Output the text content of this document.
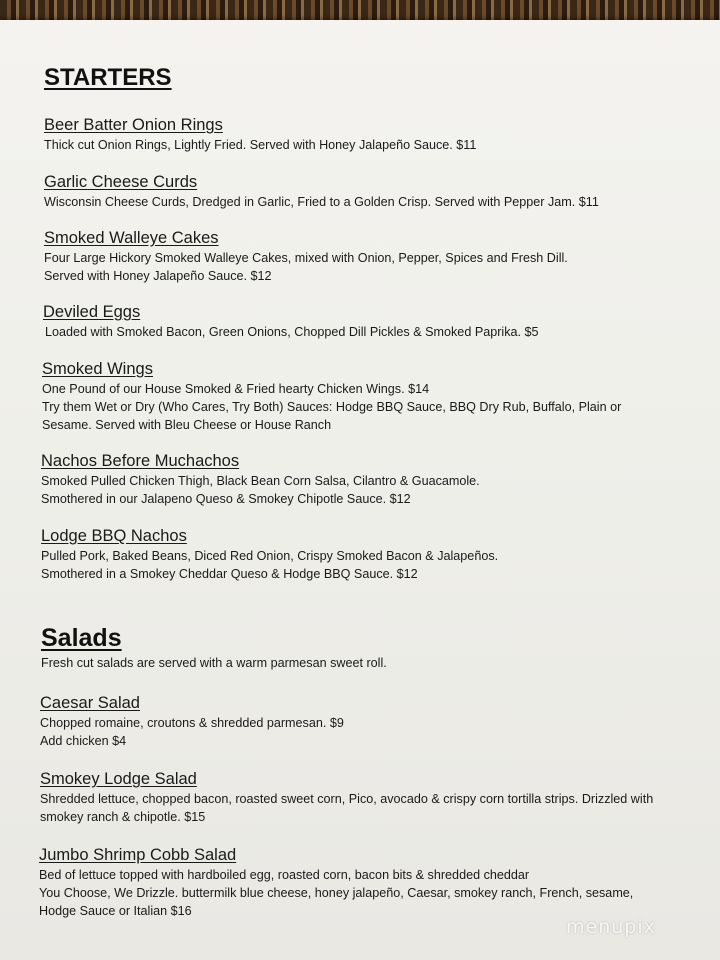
STARTERS
Beer Batter Onion Rings
Thick cut Onion Rings, Lightly Fried. Served with Honey Jalapeño Sauce. $11
Garlic Cheese Curds
Wisconsin Cheese Curds, Dredged in Garlic, Fried to a Golden Crisp. Served with Pepper Jam. $11
Smoked Walleye Cakes
Four Large Hickory Smoked Walleye Cakes, mixed with Onion, Pepper, Spices and Fresh Dill.
Served with Honey Jalapeño Sauce. $12
Deviled Eggs
Loaded with Smoked Bacon, Green Onions, Chopped Dill Pickles & Smoked Paprika. $5
Smoked Wings
One Pound of our House Smoked & Fried hearty Chicken Wings. $14
Try them Wet or Dry (Who Cares, Try Both) Sauces: Hodge BBQ Sauce, BBQ Dry Rub, Buffalo, Plain or
Sesame. Served with Bleu Cheese or House Ranch
Nachos Before Muchachos
Smoked Pulled Chicken Thigh, Black Bean Corn Salsa, Cilantro & Guacamole.
Smothered in our Jalapeno Queso & Smokey Chipotle Sauce. $12
Lodge BBQ Nachos
Pulled Pork, Baked Beans, Diced Red Onion, Crispy Smoked Bacon & Jalapeños.
Smothered in a Smokey Cheddar Queso & Hodge BBQ Sauce. $12
Salads
Fresh cut salads are served with a warm parmesan sweet roll.
Caesar Salad
Chopped romaine, croutons & shredded parmesan. $9
Add chicken $4
Smokey Lodge Salad
Shredded lettuce, chopped bacon, roasted sweet corn, Pico, avocado & crispy corn tortilla strips. Drizzled with
smokey ranch & chipotle. $15
Jumbo Shrimp Cobb Salad
Bed of lettuce topped with hardboiled egg, roasted corn, bacon bits & shredded cheddar
You Choose, We Drizzle. buttermilk blue cheese, honey jalapeño, Caesar, smokey ranch, French, sesame,
Hodge Sauce or Italian $16
menupix
